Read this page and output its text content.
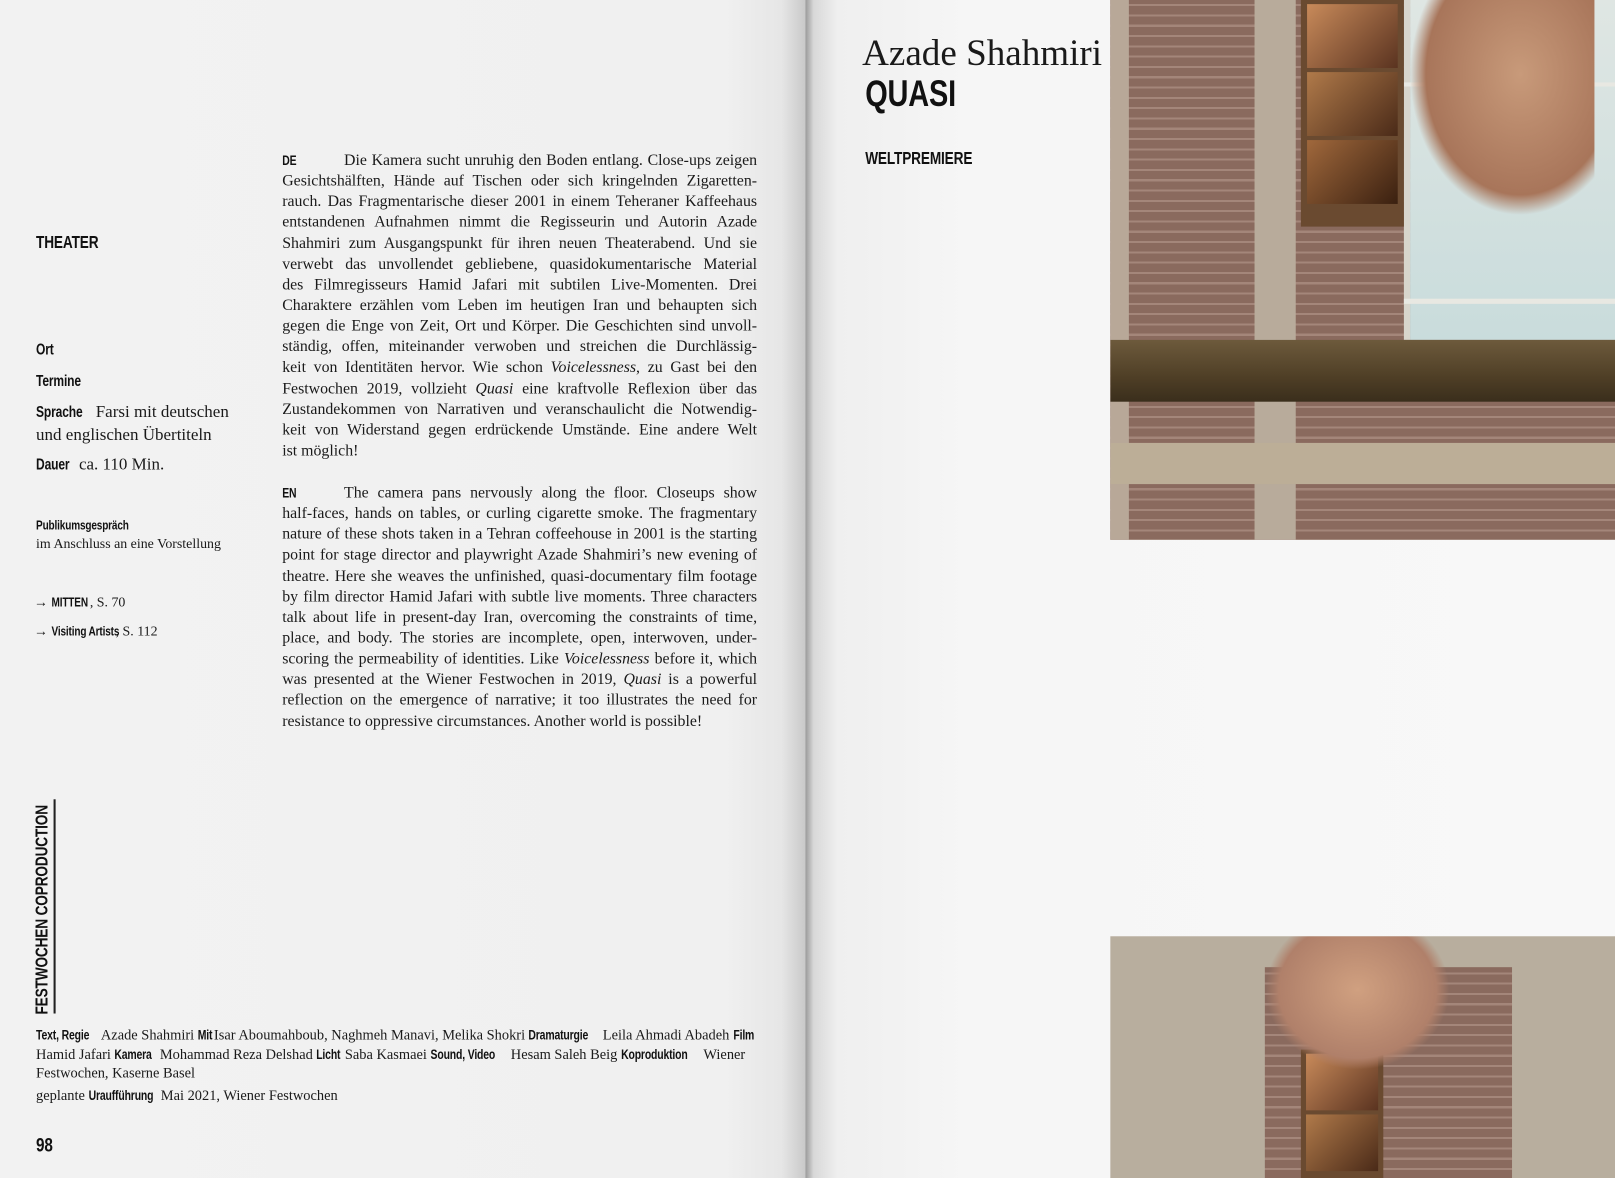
THEATER
Ort
Termine
Sprache Farsi mit deutschen
und englischen Übertiteln
Dauer ca. 110 Min.
Publikumsgespräch
im Anschluss an eine Vorstellung
→ MITTEN , S. 70
→ Visiting Artists, S. 112
FESTWOCHEN COPRODUCTION
DE	Die Kamera sucht unruhig den Boden entlang. Close-ups zeigen
Gesichtshälften, Hände auf Tischen oder sich kringelnden Zigaretten-
rauch. Das Fragmentarische dieser 2001 in einem Teheraner Kaffeehaus
entstandenen Aufnahmen nimmt die Regisseurin und Autorin Azade
Shahmiri zum Ausgangspunkt für ihren neuen Theaterabend. Und sie
verwebt das unvollendet gebliebene, quasidokumentarische Material
des Filmregisseurs Hamid Jafari mit subtilen Live-Momenten. Drei
Charaktere erzählen vom Leben im heutigen Iran und behaupten sich
gegen die Enge von Zeit, Ort und Körper. Die Geschichten sind unvoll-
ständig, offen, miteinander verwoben und streichen die Durchlässig-
keit von Identitäten hervor. Wie schon Voicelessness, zu Gast bei den
Festwochen 2019, vollzieht Quasi eine kraftvolle Reflexion über das
Zustandekommen von Narrativen und veranschaulicht die Notwendig-
keit von Widerstand gegen erdrückende Umstände. Eine andere Welt
ist möglich!
EN	The camera pans nervously along the floor. Closeups show
half-faces, hands on tables, or curling cigarette smoke. The fragmentary
nature of these shots taken in a Tehran coffeehouse in 2001 is the starting
point for stage director and playwright Azade Shahmiri’s new evening of
theatre. Here she weaves the unfinished, quasi-documentary film footage
by film director Hamid Jafari with subtle live moments. Three characters
talk about life in present-day Iran, overcoming the constraints of time,
place, and body. The stories are incomplete, open, interwoven, under-
scoring the permeability of identities. Like Voicelessness before it, which
was presented at the Wiener Festwochen in 2019, Quasi is a powerful
reflection on the emergence of narrative; it too illustrates the need for
resistance to oppressive circumstances. Another world is possible!
Text, Regie Azade Shahmiri Mit Isar Aboumahboub, Naghmeh Manavi, Melika Shokri Dramaturgie Leila Ahmadi Abadeh Film Hamid Jafari Kamera Mohammad Reza Delshad Licht Saba Kasmaei Sound, Video Hesam Saleh Beig Koproduktion Wiener Festwochen, Kaserne Basel
geplante Uraufführung Mai 2021, Wiener Festwochen
98
Azade Shahmiri
QUASI
WELTPREMIERE
